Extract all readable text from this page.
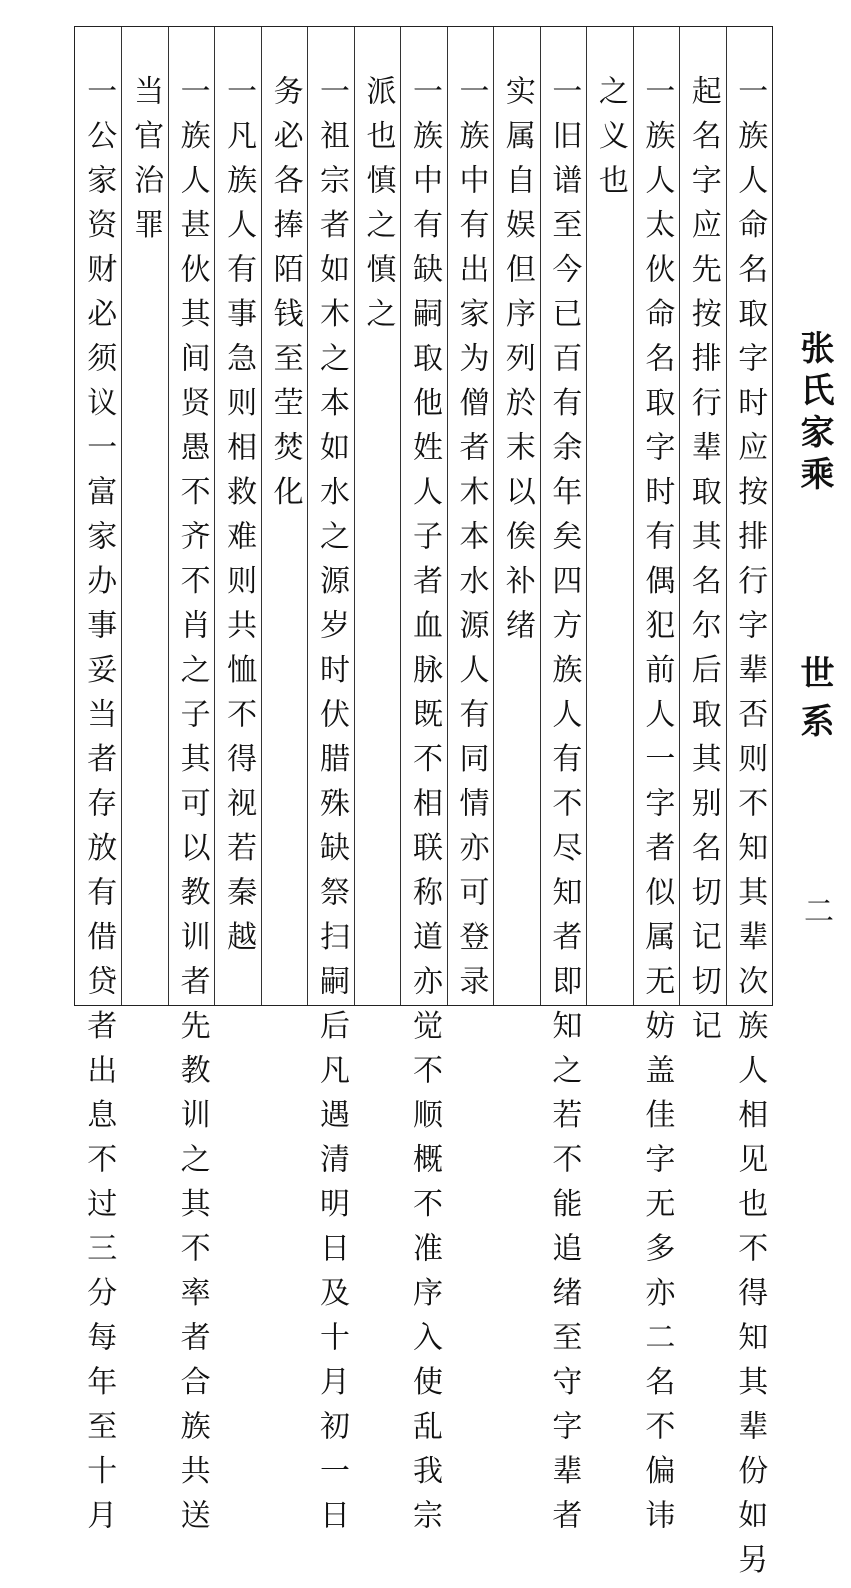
一族人命名取字时应按排行字辈否则不知其辈次族人相见也不得知其辈份如另
起名字应先按排行辈取其名尔后取其别名切记切记
一族人太伙命名取字时有偶犯前人一字者似属无妨盖佳字无多亦二名不偏讳
之义也
一旧谱至今已百有余年矣四方族人有不尽知者即知之若不能追绪至守字辈者
实属自娱但序列於末以俟补绪
一族中有出家为僧者木本水源人有同情亦可登录
一族中有缺嗣取他姓人子者血脉既不相联称道亦觉不顺概不准序入使乱我宗
派也慎之慎之
一祖宗者如木之本如水之源岁时伏腊殊缺祭扫嗣后凡遇清明日及十月初一日
务必各捧陌钱至茔焚化
一凡族人有事急则相救难则共恤不得视若秦越
一族人甚伙其间贤愚不齐不肖之子其可以教训者先教训之其不率者合族共送
当官治罪
一公家资财必须议一富家办事妥当者存放有借贷者出息不过三分每年至十月	张氏家乘
世系
二
